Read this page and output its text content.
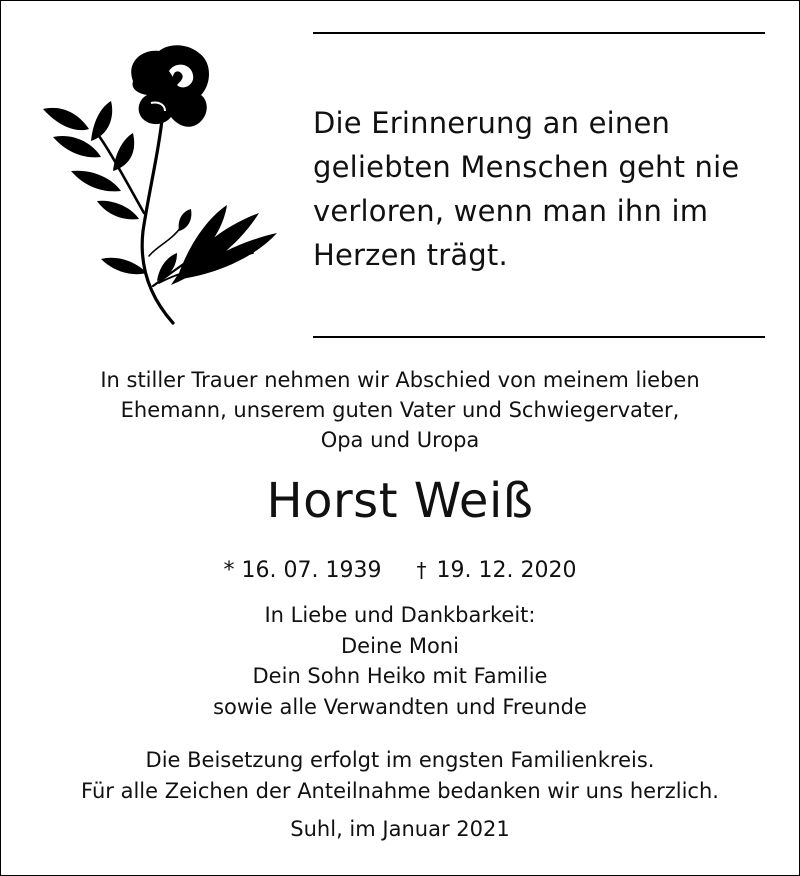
Die Erinnerung an einen
geliebten Menschen geht nie
verloren, wenn man ihn im
Herzen trägt.
In stiller Trauer nehmen wir Abschied von meinem lieben
Ehemann, unserem guten Vater und Schwiegervater,
Opa und Uropa
Horst Weiß
* 16. 07. 1939 † 19. 12. 2020
In Liebe und Dankbarkeit:
Deine Moni
Dein Sohn Heiko mit Familie
sowie alle Verwandten und Freunde
Die Beisetzung erfolgt im engsten Familienkreis.
Für alle Zeichen der Anteilnahme bedanken wir uns herzlich.
Suhl, im Januar 2021
